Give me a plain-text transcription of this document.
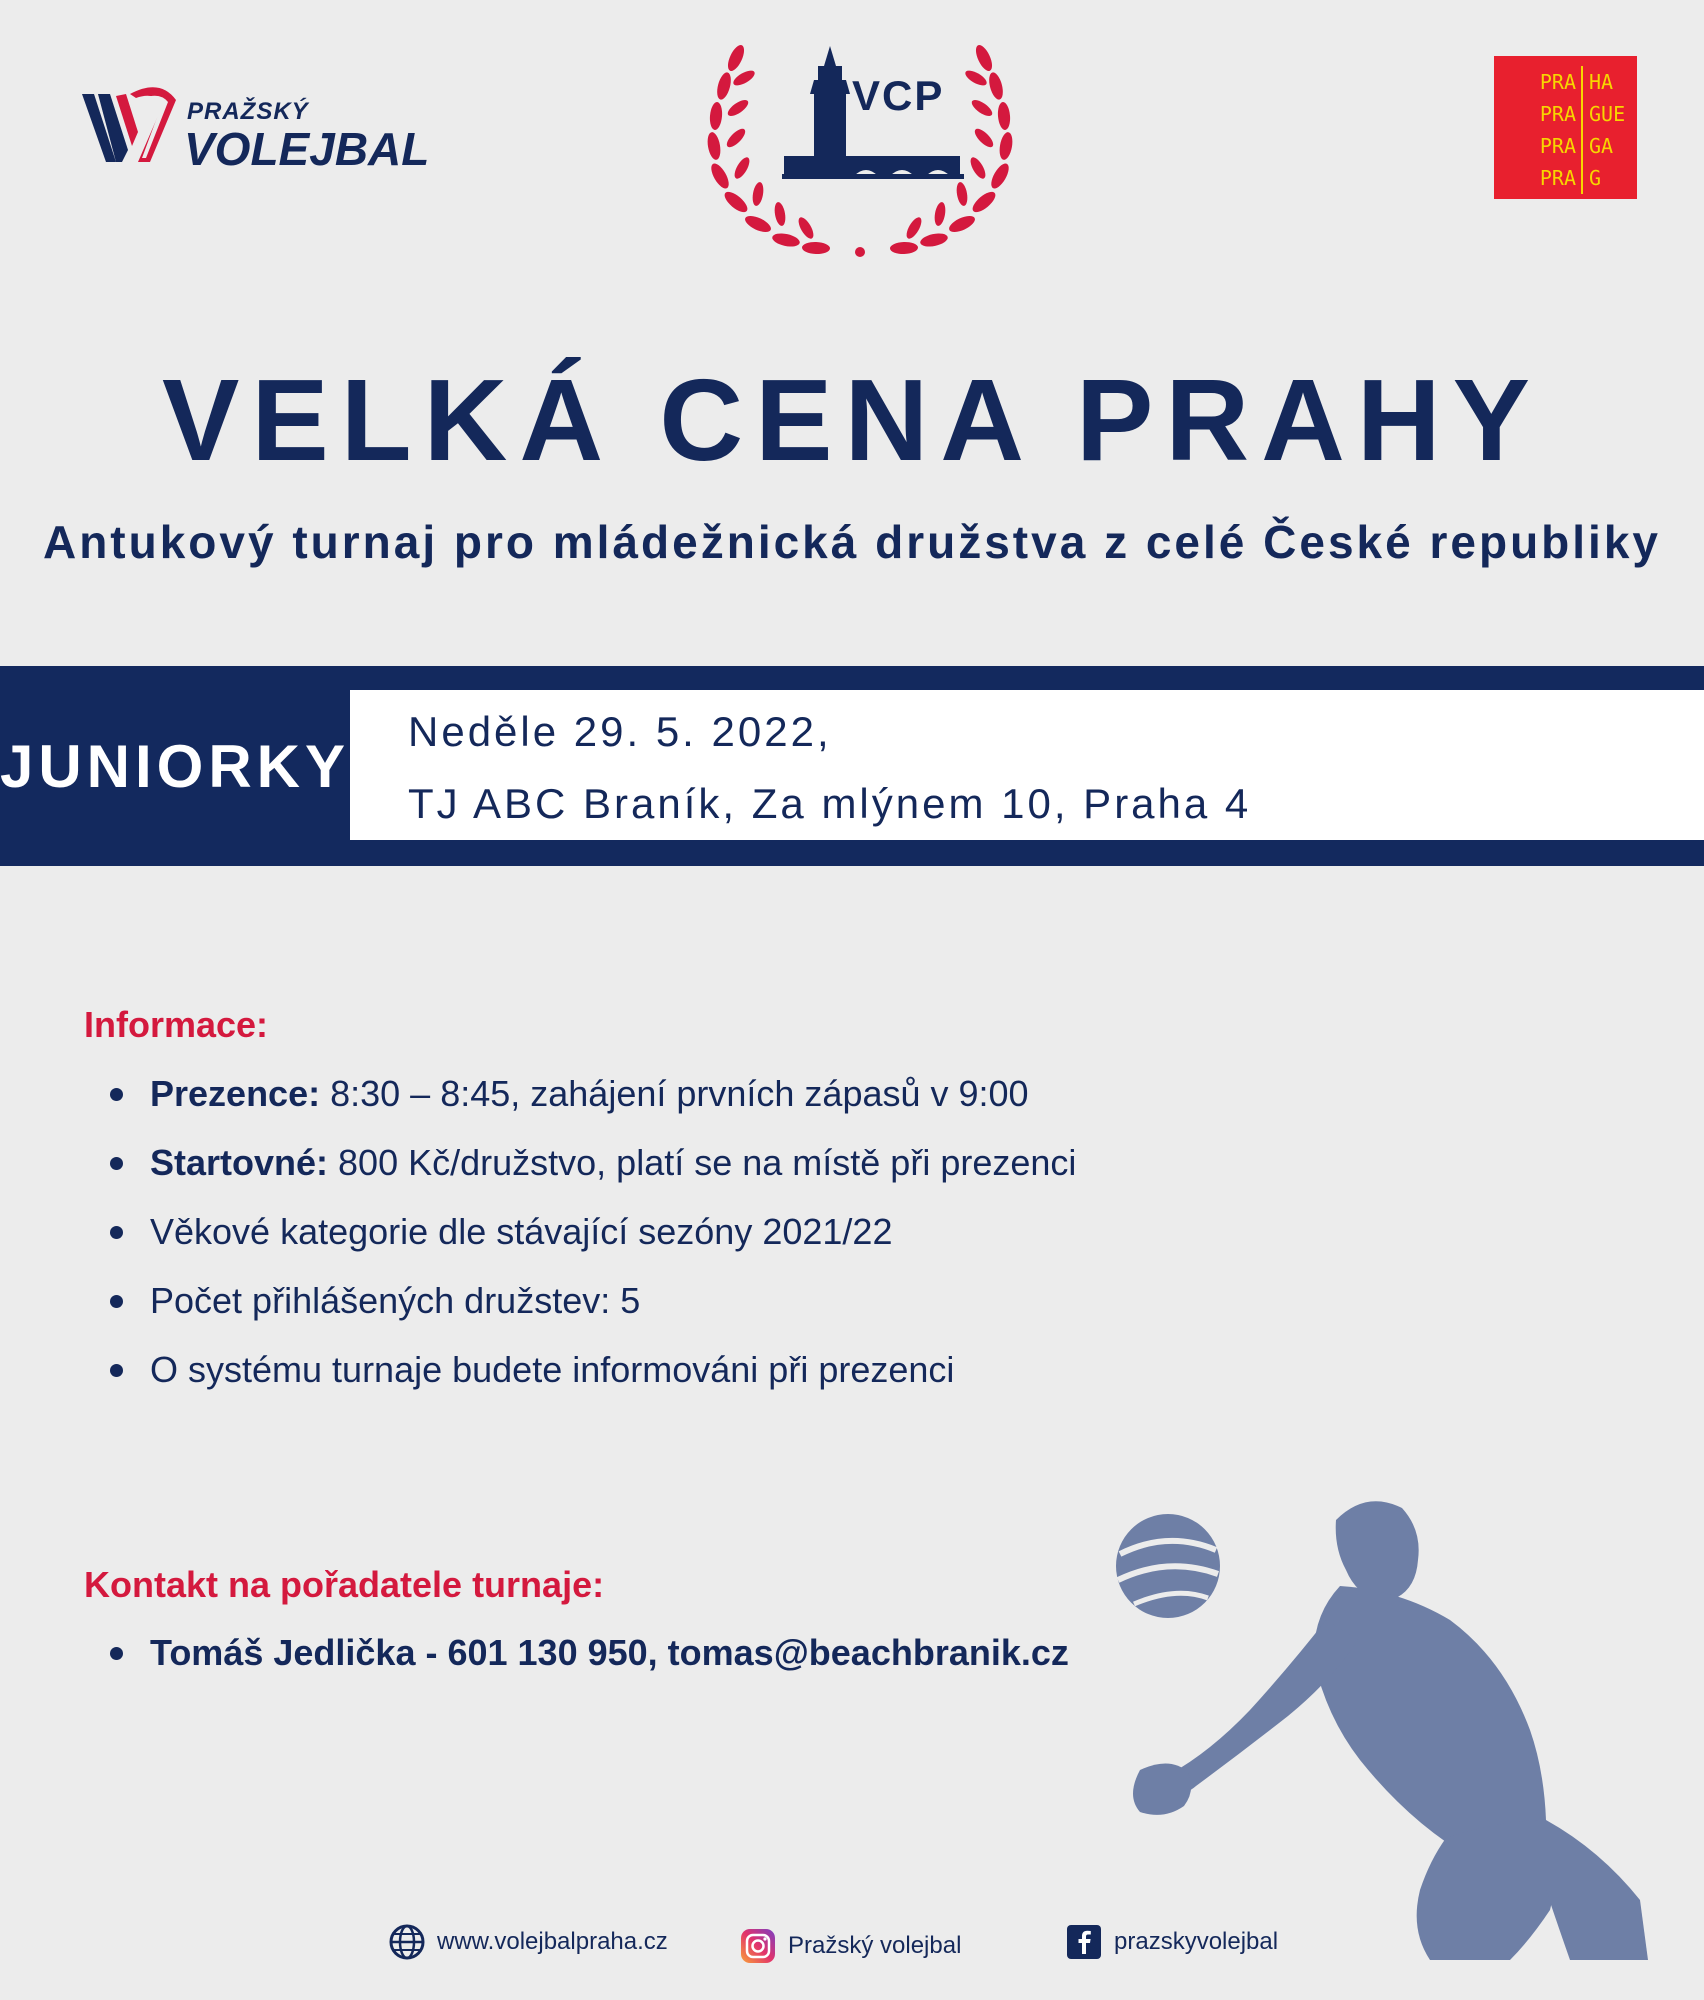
PRAŽSKÝ
VOLEJBAL
VCP	PRA HA
PRA GUE
PRA GA
PRA G
VELKÁ CENA PRAHY
Antukový turnaj pro mládežnická družstva z celé České republiky
JUNIORKY
Neděle 29. 5. 2022,
TJ ABC Braník, Za mlýnem 10, Praha 4
Informace:
Prezence: 8:30 – 8:45, zahájení prvních zápasů v 9:00
Startovné: 800 Kč/družstvo, platí se na místě při prezenci
Věkové kategorie dle stávající sezóny 2021/22
Počet přihlášených družstev: 5
O systému turnaje budete informováni při prezenci
Kontakt na pořadatele turnaje:
Tomáš Jedlička - 601 130 950, tomas@beachbranik.cz
www.volejbalpraha.cz	Pražský volejbal	prazskyvolejbal
